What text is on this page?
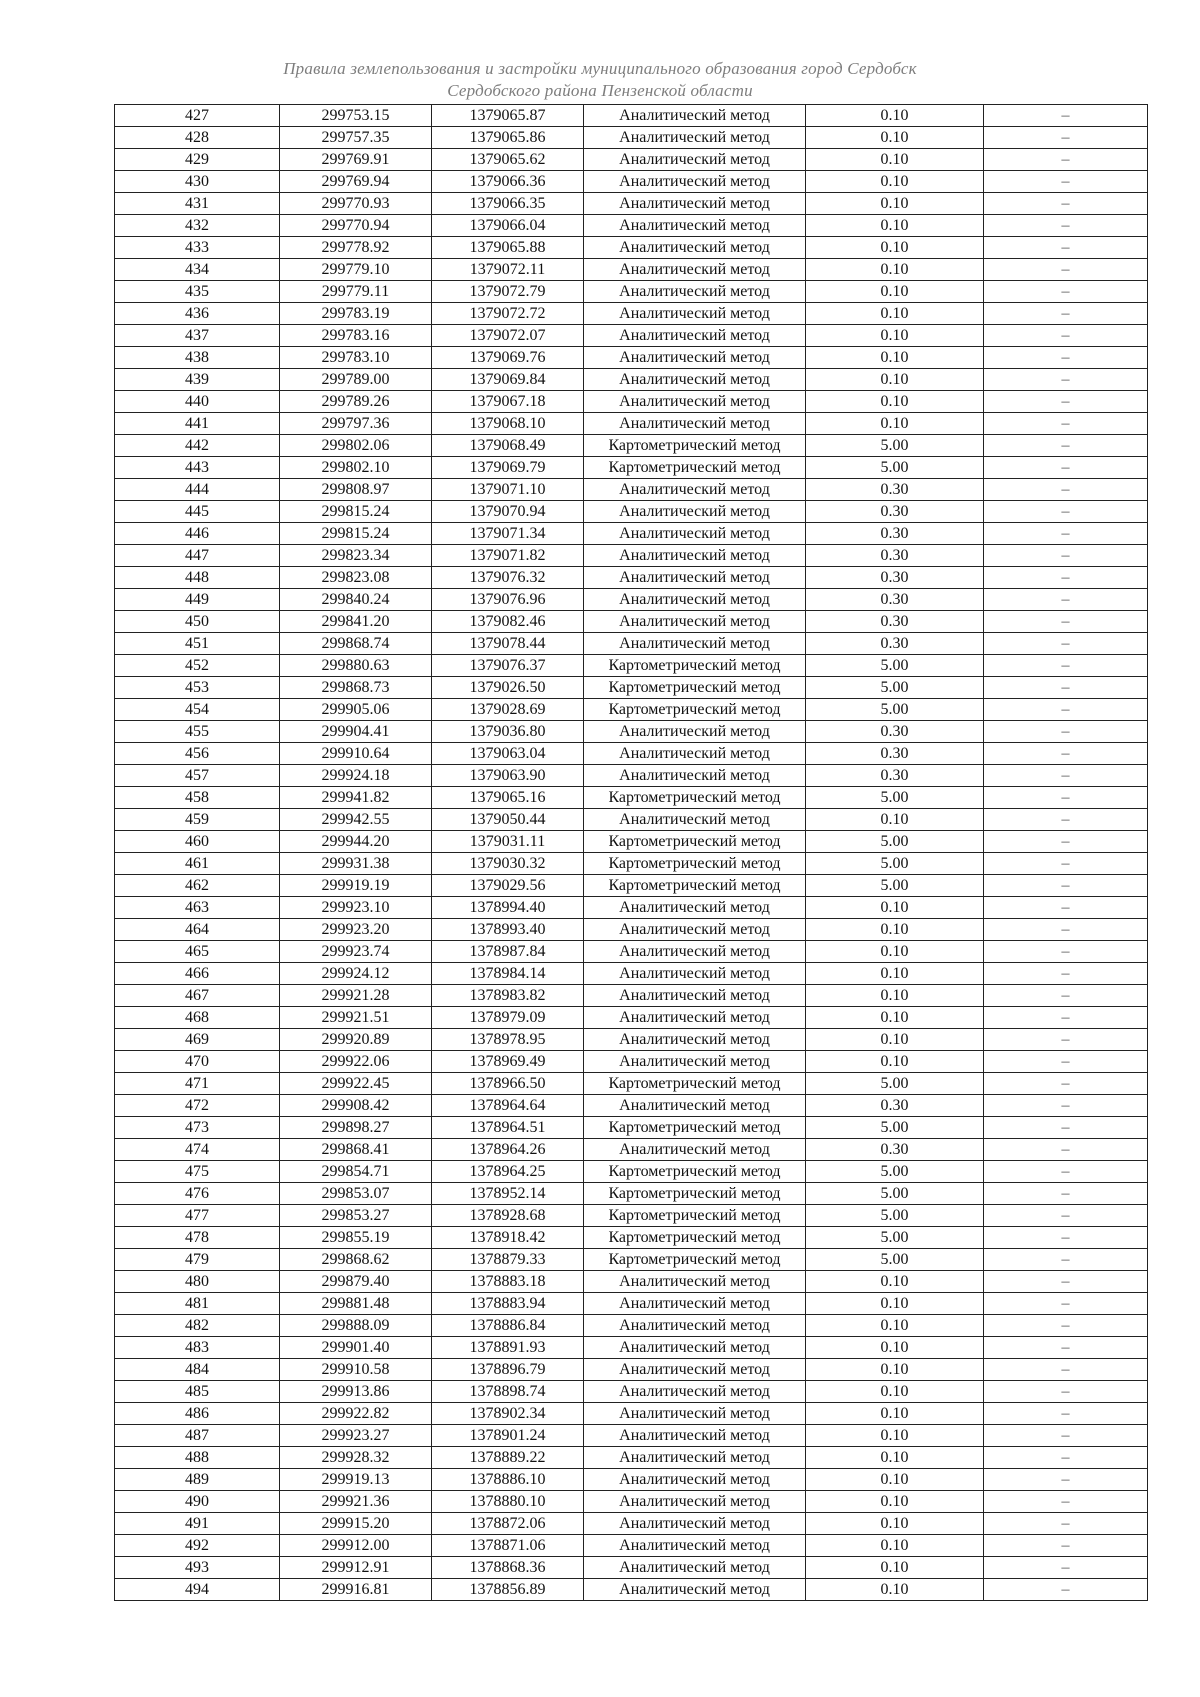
Правила землепользования и застройки муниципального образования город Сердобск
Сердобского района Пензенской области
427	299753.15	1379065.87	Аналитический метод	0.10	–
428	299757.35	1379065.86	Аналитический метод	0.10	–
429	299769.91	1379065.62	Аналитический метод	0.10	–
430	299769.94	1379066.36	Аналитический метод	0.10	–
431	299770.93	1379066.35	Аналитический метод	0.10	–
432	299770.94	1379066.04	Аналитический метод	0.10	–
433	299778.92	1379065.88	Аналитический метод	0.10	–
434	299779.10	1379072.11	Аналитический метод	0.10	–
435	299779.11	1379072.79	Аналитический метод	0.10	–
436	299783.19	1379072.72	Аналитический метод	0.10	–
437	299783.16	1379072.07	Аналитический метод	0.10	–
438	299783.10	1379069.76	Аналитический метод	0.10	–
439	299789.00	1379069.84	Аналитический метод	0.10	–
440	299789.26	1379067.18	Аналитический метод	0.10	–
441	299797.36	1379068.10	Аналитический метод	0.10	–
442	299802.06	1379068.49	Картометрический метод	5.00	–
443	299802.10	1379069.79	Картометрический метод	5.00	–
444	299808.97	1379071.10	Аналитический метод	0.30	–
445	299815.24	1379070.94	Аналитический метод	0.30	–
446	299815.24	1379071.34	Аналитический метод	0.30	–
447	299823.34	1379071.82	Аналитический метод	0.30	–
448	299823.08	1379076.32	Аналитический метод	0.30	–
449	299840.24	1379076.96	Аналитический метод	0.30	–
450	299841.20	1379082.46	Аналитический метод	0.30	–
451	299868.74	1379078.44	Аналитический метод	0.30	–
452	299880.63	1379076.37	Картометрический метод	5.00	–
453	299868.73	1379026.50	Картометрический метод	5.00	–
454	299905.06	1379028.69	Картометрический метод	5.00	–
455	299904.41	1379036.80	Аналитический метод	0.30	–
456	299910.64	1379063.04	Аналитический метод	0.30	–
457	299924.18	1379063.90	Аналитический метод	0.30	–
458	299941.82	1379065.16	Картометрический метод	5.00	–
459	299942.55	1379050.44	Аналитический метод	0.10	–
460	299944.20	1379031.11	Картометрический метод	5.00	–
461	299931.38	1379030.32	Картометрический метод	5.00	–
462	299919.19	1379029.56	Картометрический метод	5.00	–
463	299923.10	1378994.40	Аналитический метод	0.10	–
464	299923.20	1378993.40	Аналитический метод	0.10	–
465	299923.74	1378987.84	Аналитический метод	0.10	–
466	299924.12	1378984.14	Аналитический метод	0.10	–
467	299921.28	1378983.82	Аналитический метод	0.10	–
468	299921.51	1378979.09	Аналитический метод	0.10	–
469	299920.89	1378978.95	Аналитический метод	0.10	–
470	299922.06	1378969.49	Аналитический метод	0.10	–
471	299922.45	1378966.50	Картометрический метод	5.00	–
472	299908.42	1378964.64	Аналитический метод	0.30	–
473	299898.27	1378964.51	Картометрический метод	5.00	–
474	299868.41	1378964.26	Аналитический метод	0.30	–
475	299854.71	1378964.25	Картометрический метод	5.00	–
476	299853.07	1378952.14	Картометрический метод	5.00	–
477	299853.27	1378928.68	Картометрический метод	5.00	–
478	299855.19	1378918.42	Картометрический метод	5.00	–
479	299868.62	1378879.33	Картометрический метод	5.00	–
480	299879.40	1378883.18	Аналитический метод	0.10	–
481	299881.48	1378883.94	Аналитический метод	0.10	–
482	299888.09	1378886.84	Аналитический метод	0.10	–
483	299901.40	1378891.93	Аналитический метод	0.10	–
484	299910.58	1378896.79	Аналитический метод	0.10	–
485	299913.86	1378898.74	Аналитический метод	0.10	–
486	299922.82	1378902.34	Аналитический метод	0.10	–
487	299923.27	1378901.24	Аналитический метод	0.10	–
488	299928.32	1378889.22	Аналитический метод	0.10	–
489	299919.13	1378886.10	Аналитический метод	0.10	–
490	299921.36	1378880.10	Аналитический метод	0.10	–
491	299915.20	1378872.06	Аналитический метод	0.10	–
492	299912.00	1378871.06	Аналитический метод	0.10	–
493	299912.91	1378868.36	Аналитический метод	0.10	–
494	299916.81	1378856.89	Аналитический метод	0.10	–
